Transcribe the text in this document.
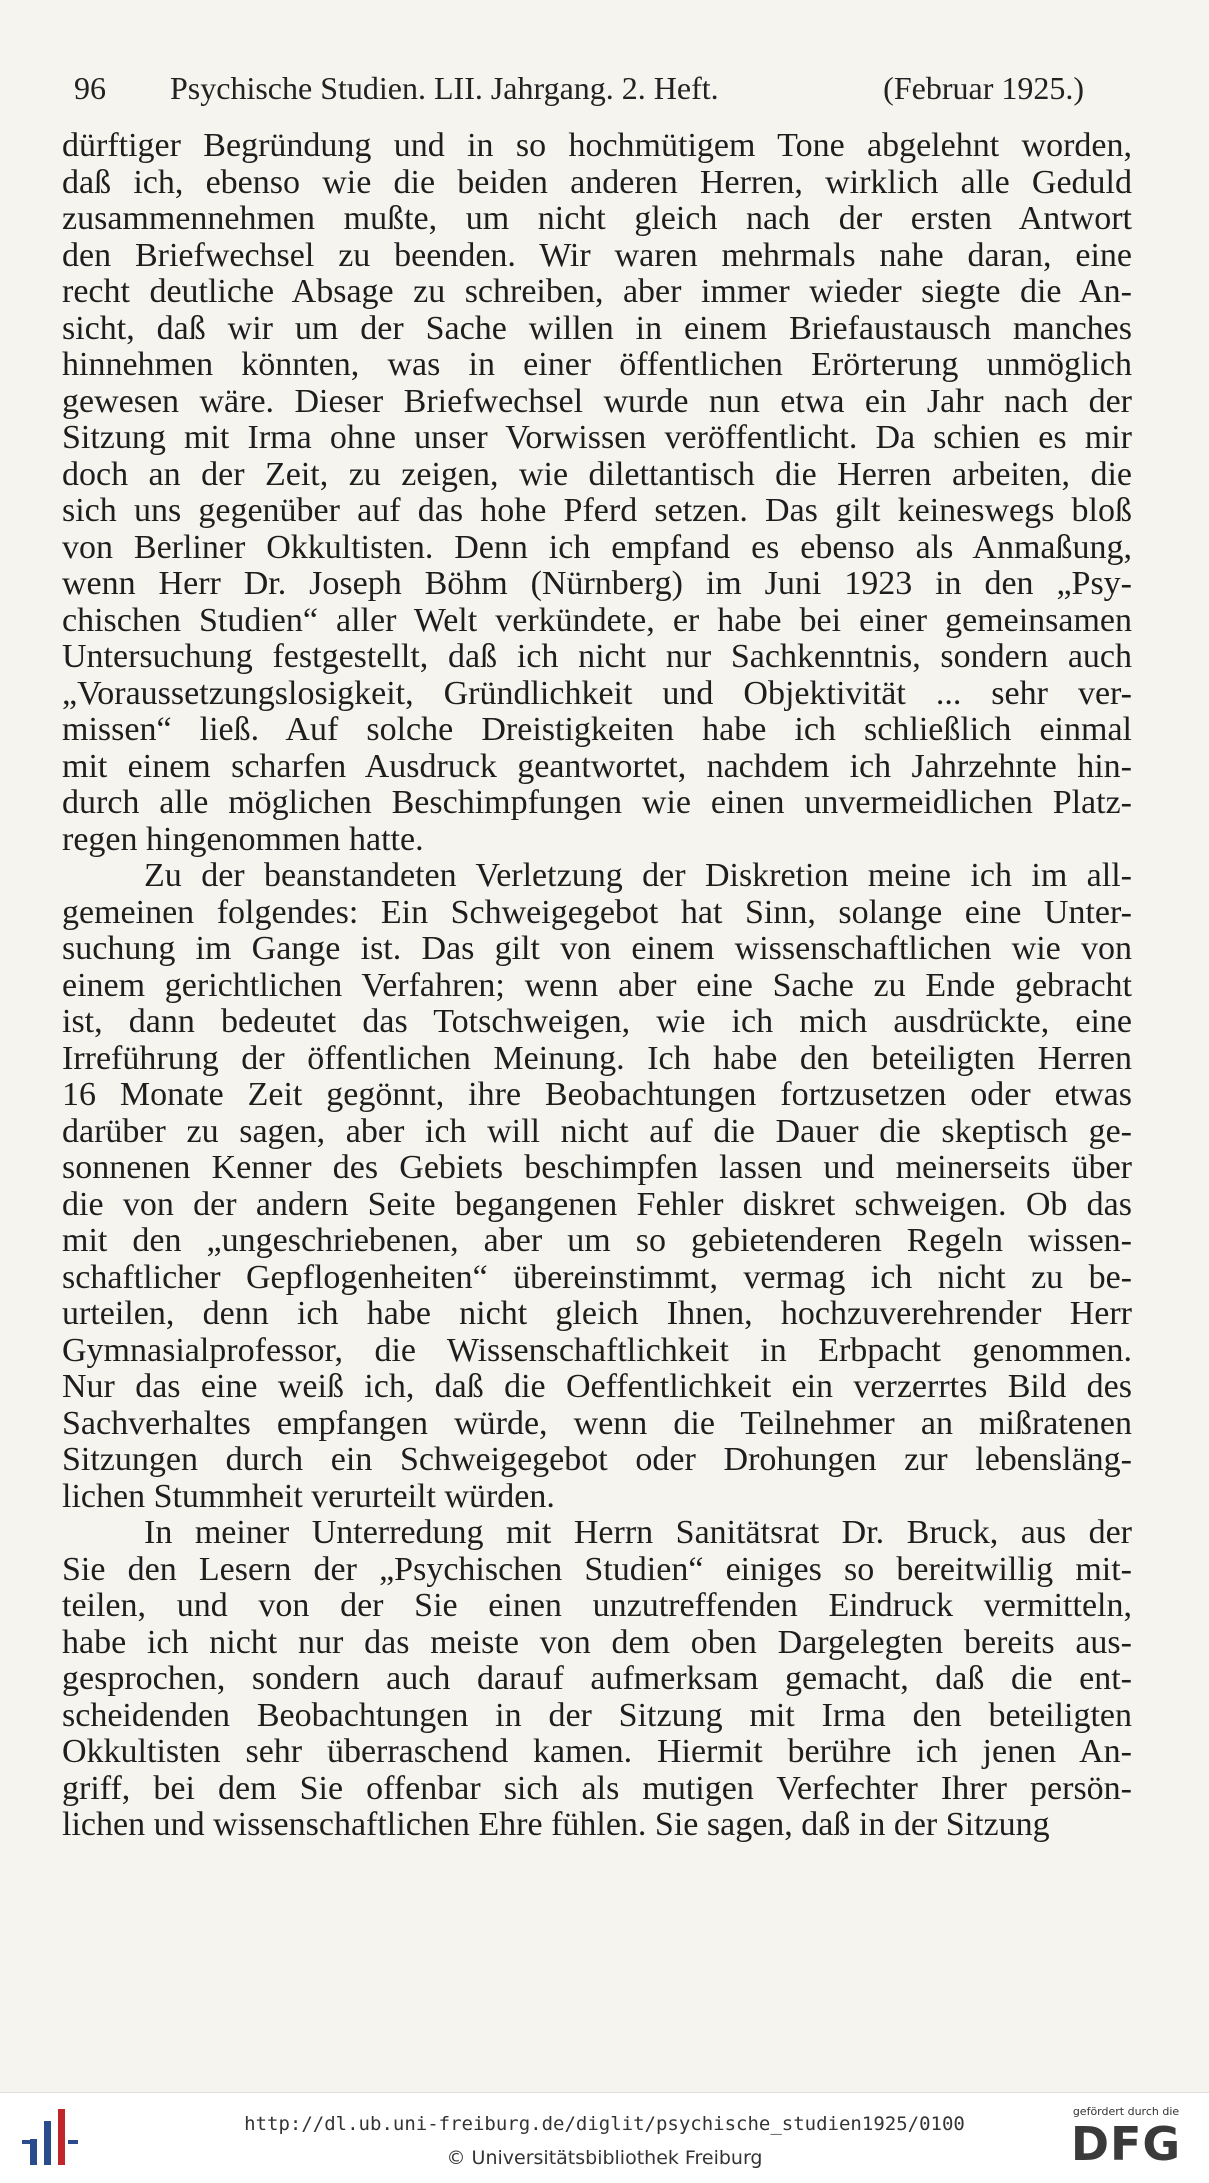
96 Psychische Studien. LII. Jahrgang. 2. Heft.	(Februar 1925.)
dürftiger Begründung und in so hochmütigem Tone abgelehnt worden,
daß ich, ebenso wie die beiden anderen Herren, wirklich alle Geduld
zusammennehmen mußte, um nicht gleich nach der ersten Antwort
den Briefwechsel zu beenden. Wir waren mehrmals nahe daran, eine
recht deutliche Absage zu schreiben, aber immer wieder siegte die An-
sicht, daß wir um der Sache willen in einem Briefaustausch manches
hinnehmen könnten, was in einer öffentlichen Erörterung unmöglich
gewesen wäre. Dieser Briefwechsel wurde nun etwa ein Jahr nach der
Sitzung mit Irma ohne unser Vorwissen veröffentlicht. Da schien es mir
doch an der Zeit, zu zeigen, wie dilettantisch die Herren arbeiten, die
sich uns gegenüber auf das hohe Pferd setzen. Das gilt keineswegs bloß
von Berliner Okkultisten. Denn ich empfand es ebenso als Anmaßung,
wenn Herr Dr. Joseph Böhm (Nürnberg) im Juni 1923 in den „Psy-
chischen Studien“ aller Welt verkündete, er habe bei einer gemeinsamen
Untersuchung festgestellt, daß ich nicht nur Sachkenntnis, sondern auch
„Voraussetzungslosigkeit, Gründlichkeit und Objektivität ... sehr ver-
missen“ ließ. Auf solche Dreistigkeiten habe ich schließlich einmal
mit einem scharfen Ausdruck geantwortet, nachdem ich Jahrzehnte hin-
durch alle möglichen Beschimpfungen wie einen unvermeidlichen Platz-
regen hingenommen hatte.
Zu der beanstandeten Verletzung der Diskretion meine ich im all-
gemeinen folgendes: Ein Schweigegebot hat Sinn, solange eine Unter-
suchung im Gange ist. Das gilt von einem wissenschaftlichen wie von
einem gerichtlichen Verfahren; wenn aber eine Sache zu Ende gebracht
ist, dann bedeutet das Totschweigen, wie ich mich ausdrückte, eine
Irreführung der öffentlichen Meinung. Ich habe den beteiligten Herren
16 Monate Zeit gegönnt, ihre Beobachtungen fortzusetzen oder etwas
darüber zu sagen, aber ich will nicht auf die Dauer die skeptisch ge-
sonnenen Kenner des Gebiets beschimpfen lassen und meinerseits über
die von der andern Seite begangenen Fehler diskret schweigen. Ob das
mit den „ungeschriebenen, aber um so gebietenderen Regeln wissen-
schaftlicher Gepflogenheiten“ übereinstimmt, vermag ich nicht zu be-
urteilen, denn ich habe nicht gleich Ihnen, hochzuverehrender Herr
Gymnasialprofessor, die Wissenschaftlichkeit in Erbpacht genommen.
Nur das eine weiß ich, daß die Oeffentlichkeit ein verzerrtes Bild des
Sachverhaltes empfangen würde, wenn die Teilnehmer an mißratenen
Sitzungen durch ein Schweigegebot oder Drohungen zur lebensläng-
lichen Stummheit verurteilt würden.
In meiner Unterredung mit Herrn Sanitätsrat Dr. Bruck, aus der
Sie den Lesern der „Psychischen Studien“ einiges so bereitwillig mit-
teilen, und von der Sie einen unzutreffenden Eindruck vermitteln,
habe ich nicht nur das meiste von dem oben Dargelegten bereits aus-
gesprochen, sondern auch darauf aufmerksam gemacht, daß die ent-
scheidenden Beobachtungen in der Sitzung mit Irma den beteiligten
Okkultisten sehr überraschend kamen. Hiermit berühre ich jenen An-
griff, bei dem Sie offenbar sich als mutigen Verfechter Ihrer persön-
lichen und wissenschaftlichen Ehre fühlen. Sie sagen, daß in der Sitzung
http://dl.ub.uni-freiburg.de/diglit/psychische_studien1925/0100
© Universitätsbibliothek Freiburg
gefördert durch die
DFG
